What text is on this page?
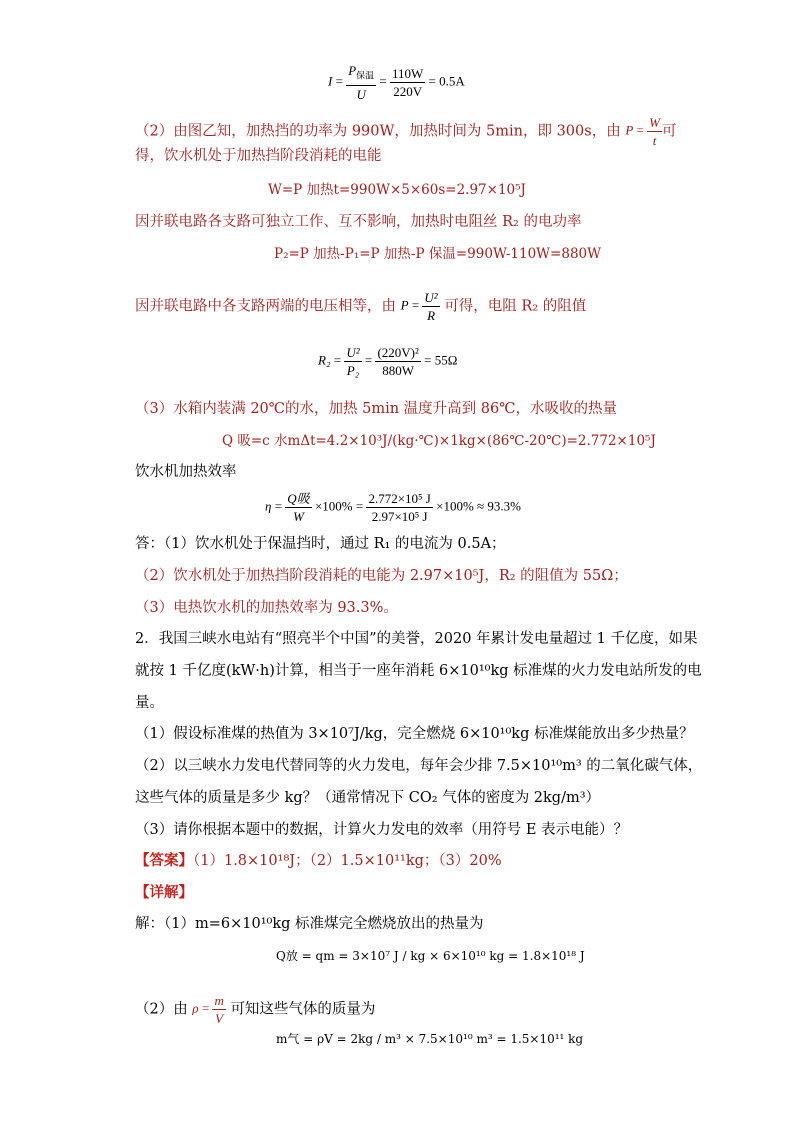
$I = \frac{P_{保温}}{U} = \frac{110W}{220V} = 0.5A$
（2）由图乙知，加热挡的功率为 990W，加热时间为 5min，即 300s，由 $P = \frac{W}{t}$ 可
得，饮水机处于加热挡阶段消耗的电能
W=P 加热t=990W×5×60s=2.97×10⁵J
因并联电路各支路可独立工作、互不影响，加热时电阻丝 R₂ 的电功率
P₂=P 加热-P₁=P 加热-P 保温=990W-110W=880W
因并联电路中各支路两端的电压相等，由 $P = \frac{\text{U²}}{R}$ 可得，电阻 R₂ 的阻值
$R_2 = \frac{\text{U²}}{\text{P₂}} = \frac{\text{(220V)²}}{880W} = 55\Omega$
（3）水箱内装满 20℃的水，加热 5min 温度升高到 86℃，水吸收的热量
Q 吸=c 水mΔt=4.2×10³J/(kg·℃)×1kg×(86℃-20℃)=2.772×10⁵J
饮水机加热效率
$\eta = \frac{\text{Q吸}}{W} \times 100\% = \frac{\text{2.772×10⁵ J}}{\text{2.97×10⁵ J}} \times 100\% \approx 93.3\%$
答：（1）饮水机处于保温挡时，通过 R₁ 的电流为 0.5A；
（2）饮水机处于加热挡阶段消耗的电能为 2.97×10⁵J，R₂ 的阻值为 55Ω；
（3）电热饮水机的加热效率为 93.3%。
2．我国三峡水电站有“照亮半个中国”的美誉，2020 年累计发电量超过 1 千亿度，如果
就按 1 千亿度(kW·h)计算，相当于一座年消耗 6×10¹⁰kg 标准煤的火力发电站所发的电
量。
（1）假设标准煤的热值为 3×10⁷J/kg，完全燃烧 6×10¹⁰kg 标准煤能放出多少热量？
（2）以三峡水力发电代替同等的火力发电，每年会少排 7.5×10¹⁰m³ 的二氧化碳气体，
这些气体的质量是多少 kg？（通常情况下 CO₂ 气体的密度为 2kg/m³）
（3）请你根据本题中的数据，计算火力发电的效率（用符号 E 表示电能）？
【答案】（1）1.8×10¹⁸J；（2）1.5×10¹¹kg；（3）20%
【详解】
解：（1）m=6×10¹⁰kg 标准煤完全燃烧放出的热量为
Q放 = qm = 3×10⁷ J / kg × 6×10¹⁰ kg = 1.8×10¹⁸ J
（2）由 $\rho = \frac{m}{V}$ 可知这些气体的质量为
m气 = ρV = 2kg / m³ × 7.5×10¹⁰ m³ = 1.5×10¹¹ kg
